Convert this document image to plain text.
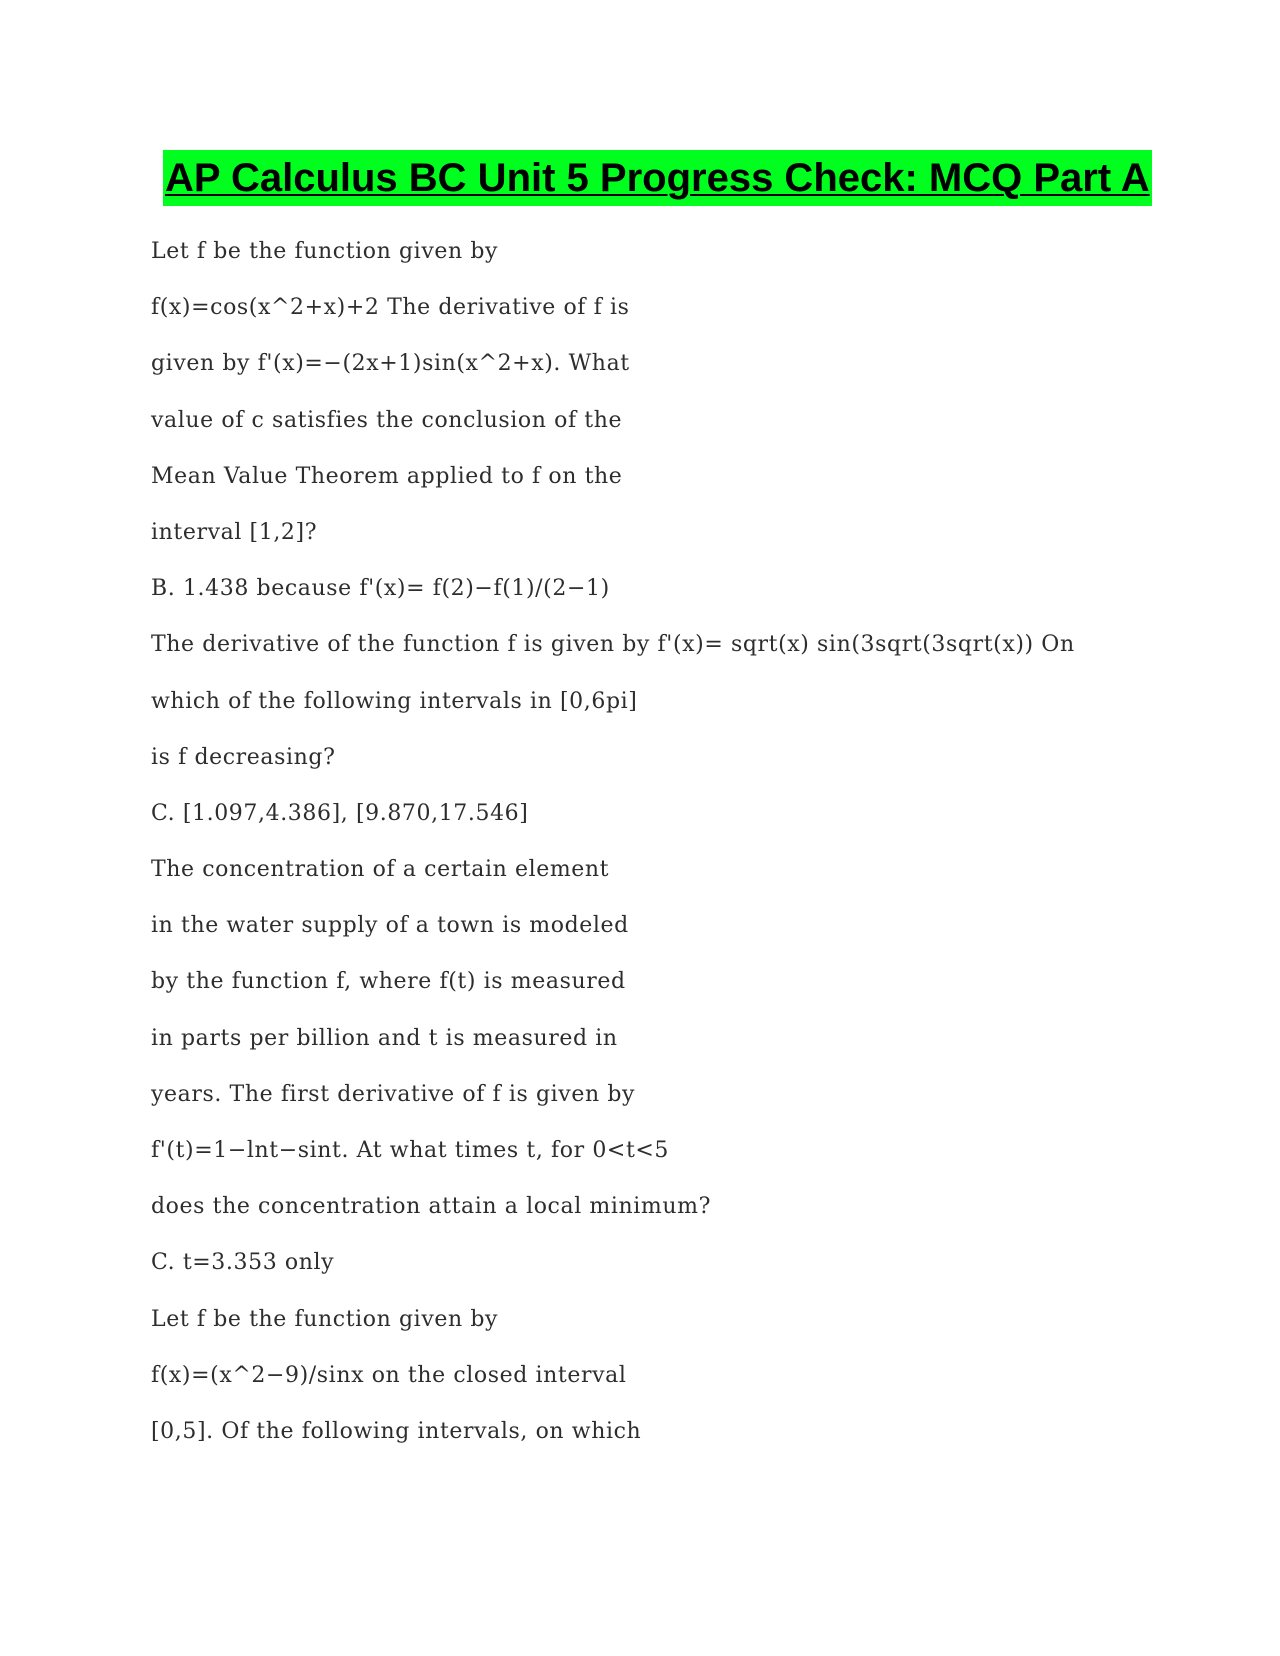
AP Calculus BC Unit 5 Progress Check: MCQ Part A
Let f be the function given by
f(x)=cos(x^2+x)+2 The derivative of f is
given by f'(x)=−(2x+1)sin(x^2+x). What
value of c satisfies the conclusion of the
Mean Value Theorem applied to f on the
interval [1,2]?
B. 1.438 because f'(x)= f(2)−f(1)/(2−1)
The derivative of the function f is given by f'(x)= sqrt(x) sin(3sqrt(3sqrt(x)) On
which of the following intervals in [0,6pi]
is f decreasing?
C. [1.097,4.386], [9.870,17.546]
The concentration of a certain element
in the water supply of a town is modeled
by the function f, where f(t) is measured
in parts per billion and t is measured in
years. The first derivative of f is given by
f'(t)=1−lnt−sint. At what times t, for 0<t<5
does the concentration attain a local minimum?
C. t=3.353 only
Let f be the function given by
f(x)=(x^2−9)/sinx on the closed interval
[0,5]. Of the following intervals, on which
